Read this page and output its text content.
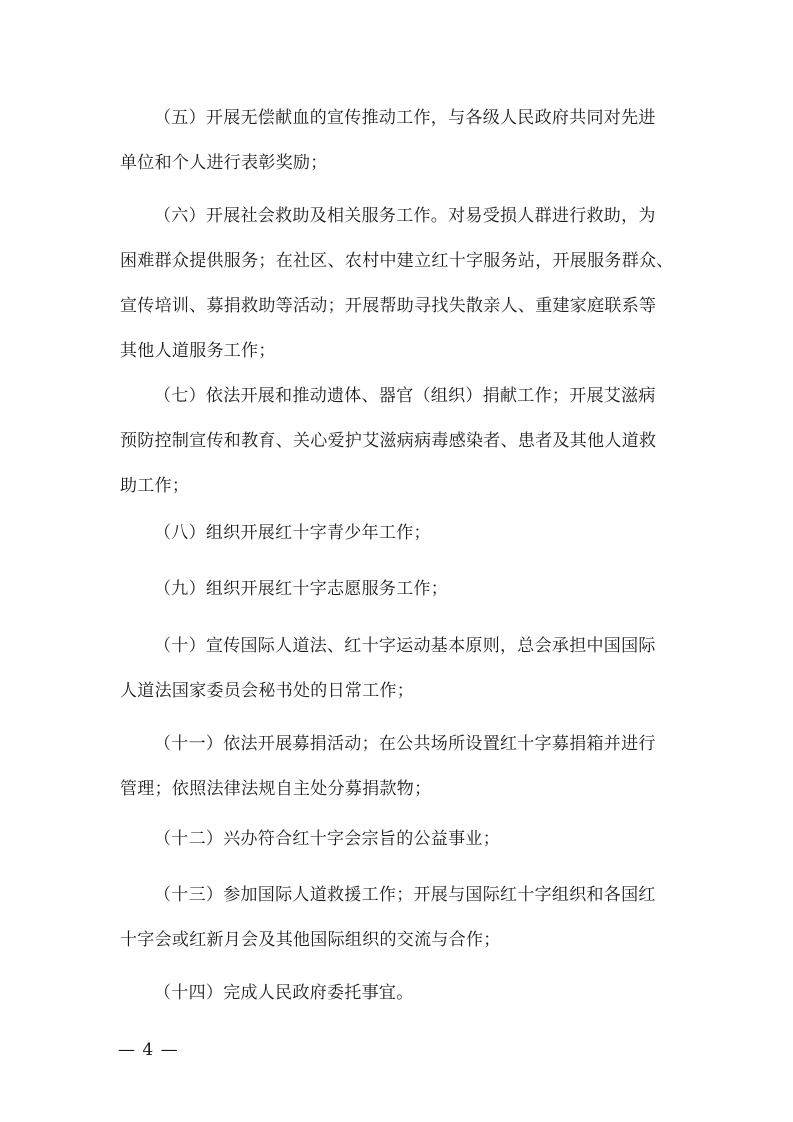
（五）开展无偿献血的宣传推动工作，与各级人民政府共同对先进
单位和个人进行表彰奖励；

（六）开展社会救助及相关服务工作。对易受损人群进行救助，为
困难群众提供服务；在社区、农村中建立红十字服务站，开展服务群众、
宣传培训、募捐救助等活动；开展帮助寻找失散亲人、重建家庭联系等
其他人道服务工作；

（七）依法开展和推动遗体、器官（组织）捐献工作；开展艾滋病
预防控制宣传和教育、关心爱护艾滋病病毒感染者、患者及其他人道救
助工作；

（八）组织开展红十字青少年工作；

（九）组织开展红十字志愿服务工作；

（十）宣传国际人道法、红十字运动基本原则，总会承担中国国际
人道法国家委员会秘书处的日常工作；

（十一）依法开展募捐活动；在公共场所设置红十字募捐箱并进行
管理；依照法律法规自主处分募捐款物；

（十二）兴办符合红十字会宗旨的公益事业；

（十三）参加国际人道救援工作；开展与国际红十字组织和各国红
十字会或红新月会及其他国际组织的交流与合作；

（十四）完成人民政府委托事宜。

— 4 —
